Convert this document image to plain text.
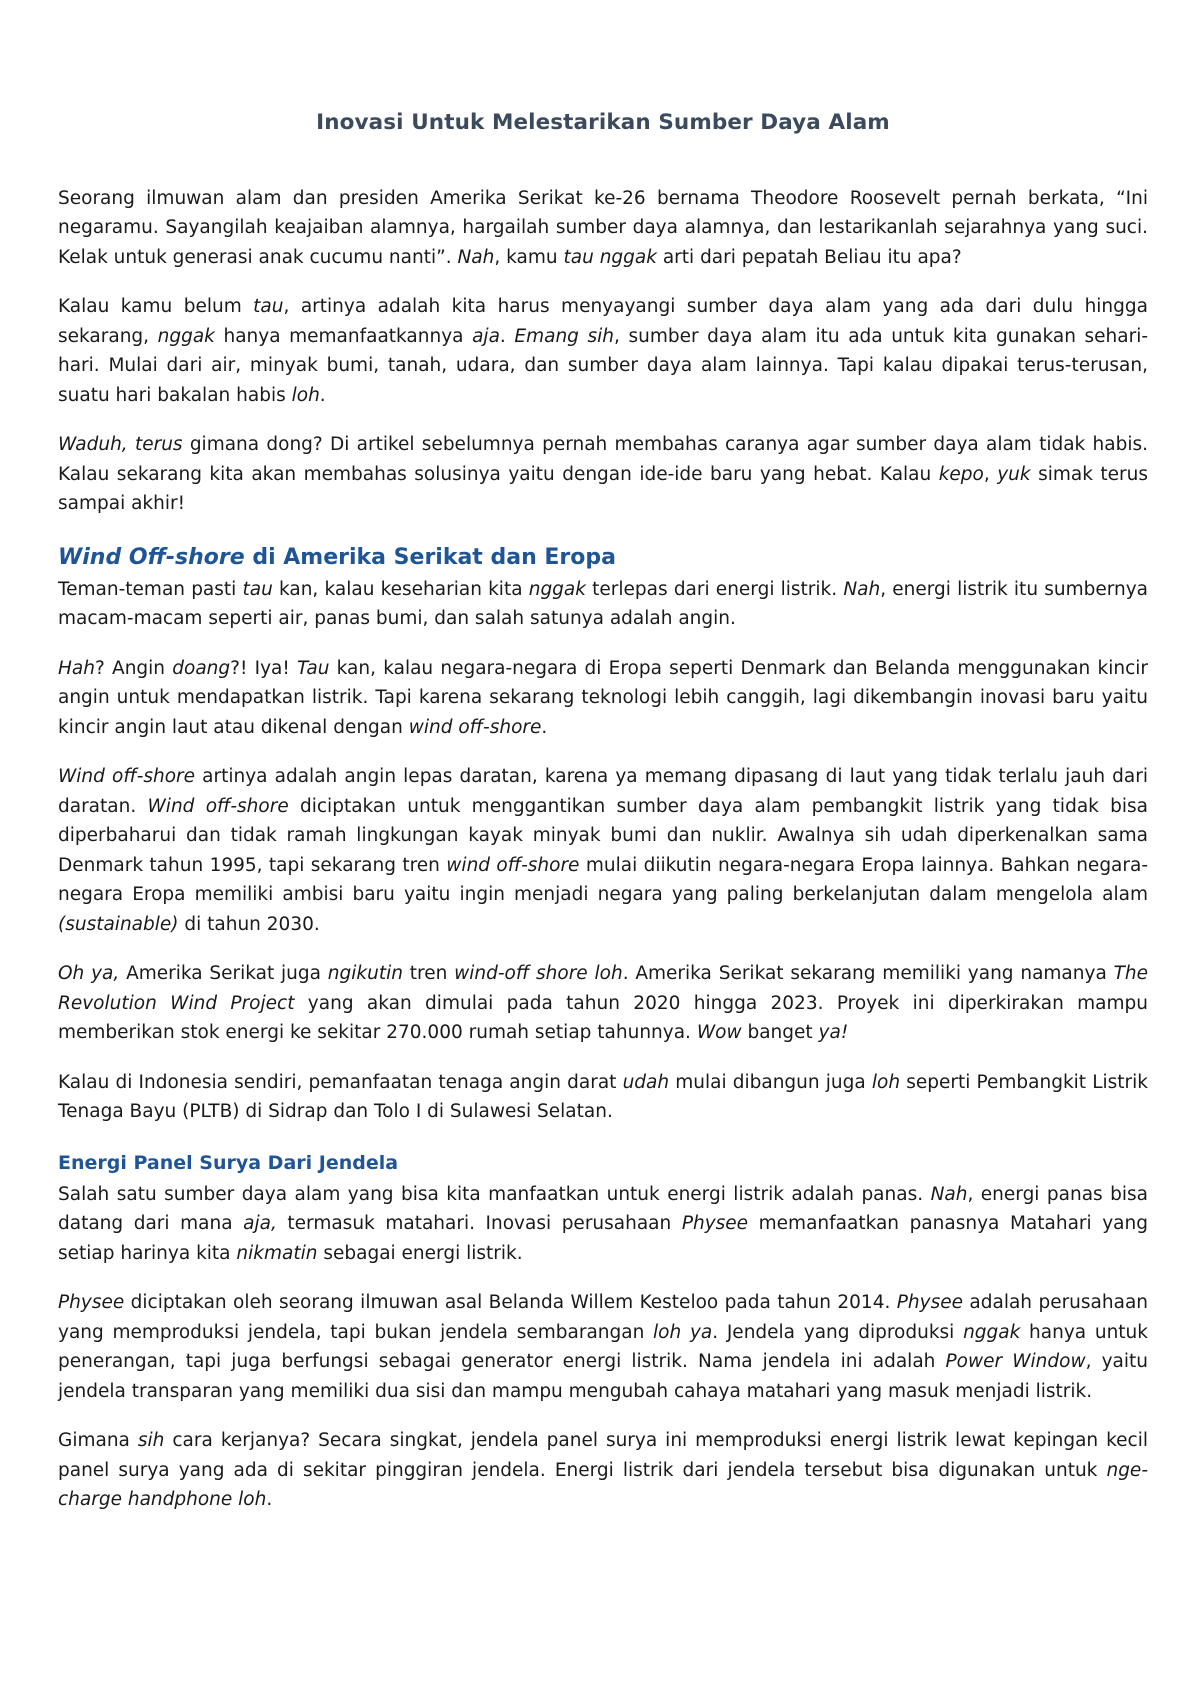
Inovasi Untuk Melestarikan Sumber Daya Alam

Seorang ilmuwan alam dan presiden Amerika Serikat ke-26 bernama Theodore Roosevelt pernah berkata, “Ini negaramu. Sayangilah keajaiban alamnya, hargailah sumber daya alamnya, dan lestarikanlah sejarahnya yang suci. Kelak untuk generasi anak cucumu nanti”. Nah, kamu tau nggak arti dari pepatah Beliau itu apa?

Kalau kamu belum tau, artinya adalah kita harus menyayangi sumber daya alam yang ada dari dulu hingga sekarang, nggak hanya memanfaatkannya aja. Emang sih, sumber daya alam itu ada untuk kita gunakan sehari-hari. Mulai dari air, minyak bumi, tanah, udara, dan sumber daya alam lainnya. Tapi kalau dipakai terus-terusan, suatu hari bakalan habis loh.

Waduh, terus gimana dong? Di artikel sebelumnya pernah membahas caranya agar sumber daya alam tidak habis. Kalau sekarang kita akan membahas solusinya yaitu dengan ide-ide baru yang hebat. Kalau kepo, yuk simak terus sampai akhir!

Wind Off-shore di Amerika Serikat dan Eropa

Teman-teman pasti tau kan, kalau keseharian kita nggak terlepas dari energi listrik. Nah, energi listrik itu sumbernya macam-macam seperti air, panas bumi, dan salah satunya adalah angin.

Hah? Angin doang?! Iya! Tau kan, kalau negara-negara di Eropa seperti Denmark dan Belanda menggunakan kincir angin untuk mendapatkan listrik. Tapi karena sekarang teknologi lebih canggih, lagi dikembangin inovasi baru yaitu kincir angin laut atau dikenal dengan wind off-shore.

Wind off-shore artinya adalah angin lepas daratan, karena ya memang dipasang di laut yang tidak terlalu jauh dari daratan. Wind off-shore diciptakan untuk menggantikan sumber daya alam pembangkit listrik yang tidak bisa diperbaharui dan tidak ramah lingkungan kayak minyak bumi dan nuklir. Awalnya sih udah diperkenalkan sama Denmark tahun 1995, tapi sekarang tren wind off-shore mulai diikutin negara-negara Eropa lainnya. Bahkan negara-negara Eropa memiliki ambisi baru yaitu ingin menjadi negara yang paling berkelanjutan dalam mengelola alam (sustainable) di tahun 2030.

Oh ya, Amerika Serikat juga ngikutin tren wind-off shore loh. Amerika Serikat sekarang memiliki yang namanya The Revolution Wind Project yang akan dimulai pada tahun 2020 hingga 2023. Proyek ini diperkirakan mampu memberikan stok energi ke sekitar 270.000 rumah setiap tahunnya. Wow banget ya!

Kalau di Indonesia sendiri, pemanfaatan tenaga angin darat udah mulai dibangun juga loh seperti Pembangkit Listrik Tenaga Bayu (PLTB) di Sidrap dan Tolo I di Sulawesi Selatan.

Energi Panel Surya Dari Jendela

Salah satu sumber daya alam yang bisa kita manfaatkan untuk energi listrik adalah panas. Nah, energi panas bisa datang dari mana aja, termasuk matahari. Inovasi perusahaan Physee memanfaatkan panasnya Matahari yang setiap harinya kita nikmatin sebagai energi listrik.

Physee diciptakan oleh seorang ilmuwan asal Belanda Willem Kesteloo pada tahun 2014. Physee adalah perusahaan yang memproduksi jendela, tapi bukan jendela sembarangan loh ya. Jendela yang diproduksi nggak hanya untuk penerangan, tapi juga berfungsi sebagai generator energi listrik. Nama jendela ini adalah Power Window, yaitu jendela transparan yang memiliki dua sisi dan mampu mengubah cahaya matahari yang masuk menjadi listrik.

Gimana sih cara kerjanya? Secara singkat, jendela panel surya ini memproduksi energi listrik lewat kepingan kecil panel surya yang ada di sekitar pinggiran jendela. Energi listrik dari jendela tersebut bisa digunakan untuk nge-charge handphone loh.
